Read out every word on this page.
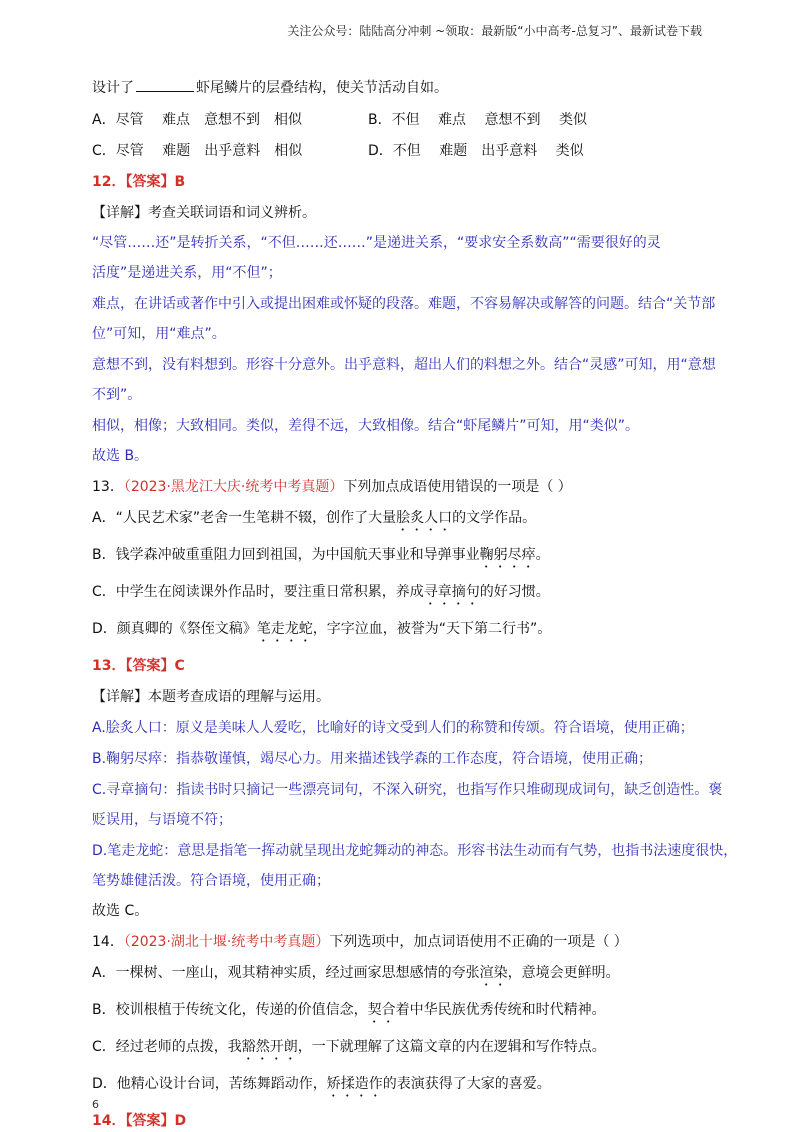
关注公众号：陆陆高分冲刺 ~领取：最新版“小中高考-总复习”、最新试卷下载
设计了	虾尾鳞片的层叠结构，使关节活动自如。
A．尽管　 难点　意想不到　相似	B．不但　 难点　 意想不到　 类似
C．尽管　 难题　出乎意料　相似	D．不但　 难题　出乎意料　 类似
12．【答案】B
【详解】考查关联词语和词义辨析。
“尽管……还”是转折关系，“不但……还……”是递进关系，“要求安全系数高”“需要很好的灵
活度”是递进关系，用“不但”；
难点，在讲话或著作中引入或提出困难或怀疑的段落。难题，不容易解决或解答的问题。结合“关节部
位”可知，用“难点”。
意想不到，没有料想到。形容十分意外。出乎意料，超出人们的料想之外。结合“灵感”可知，用“意想
不到”。
相似，相像；大致相同。类似，差得不远，大致相像。结合“虾尾鳞片”可知，用“类似”。
故选 B。
13．（2023·黑龙江大庆·统考中考真题）下列加点成语使用错误的一项是（ ）
A．“人民艺术家”老舍一生笔耕不辍，创作了大量脍炙人口的文学作品。
B．钱学森冲破重重阻力回到祖国，为中国航天事业和导弹事业鞠躬尽瘁。
C．中学生在阅读课外作品时，要注重日常积累，养成寻章摘句的好习惯。
D．颜真卿的《祭侄文稿》笔走龙蛇，字字泣血，被誉为“天下第二行书”。
13．【答案】C
【详解】本题考查成语的理解与运用。
A.脍炙人口：原义是美味人人爱吃，比喻好的诗文受到人们的称赞和传颂。符合语境，使用正确；
B.鞠躬尽瘁：指恭敬谨慎，竭尽心力。用来描述钱学森的工作态度，符合语境，使用正确；
C.寻章摘句：指读书时只摘记一些漂亮词句，不深入研究，也指写作只堆砌现成词句，缺乏创造性。褒
贬误用，与语境不符；
D.笔走龙蛇：意思是指笔一挥动就呈现出龙蛇舞动的神态。形容书法生动而有气势，也指书法速度很快，
笔势雄健活泼。符合语境，使用正确；
故选 C。
14．（2023·湖北十堰·统考中考真题）下列选项中，加点词语使用不正确的一项是（ ）
A．一棵树、一座山，观其精神实质，经过画家思想感情的夸张渲染，意境会更鲜明。
B．校训根植于传统文化，传递的价值信念，契合着中华民族优秀传统和时代精神。
C．经过老师的点拨，我豁然开朗，一下就理解了这篇文章的内在逻辑和写作特点。
D．他精心设计台词，苦练舞蹈动作，矫揉造作的表演获得了大家的喜爱。
14．【答案】D
6
